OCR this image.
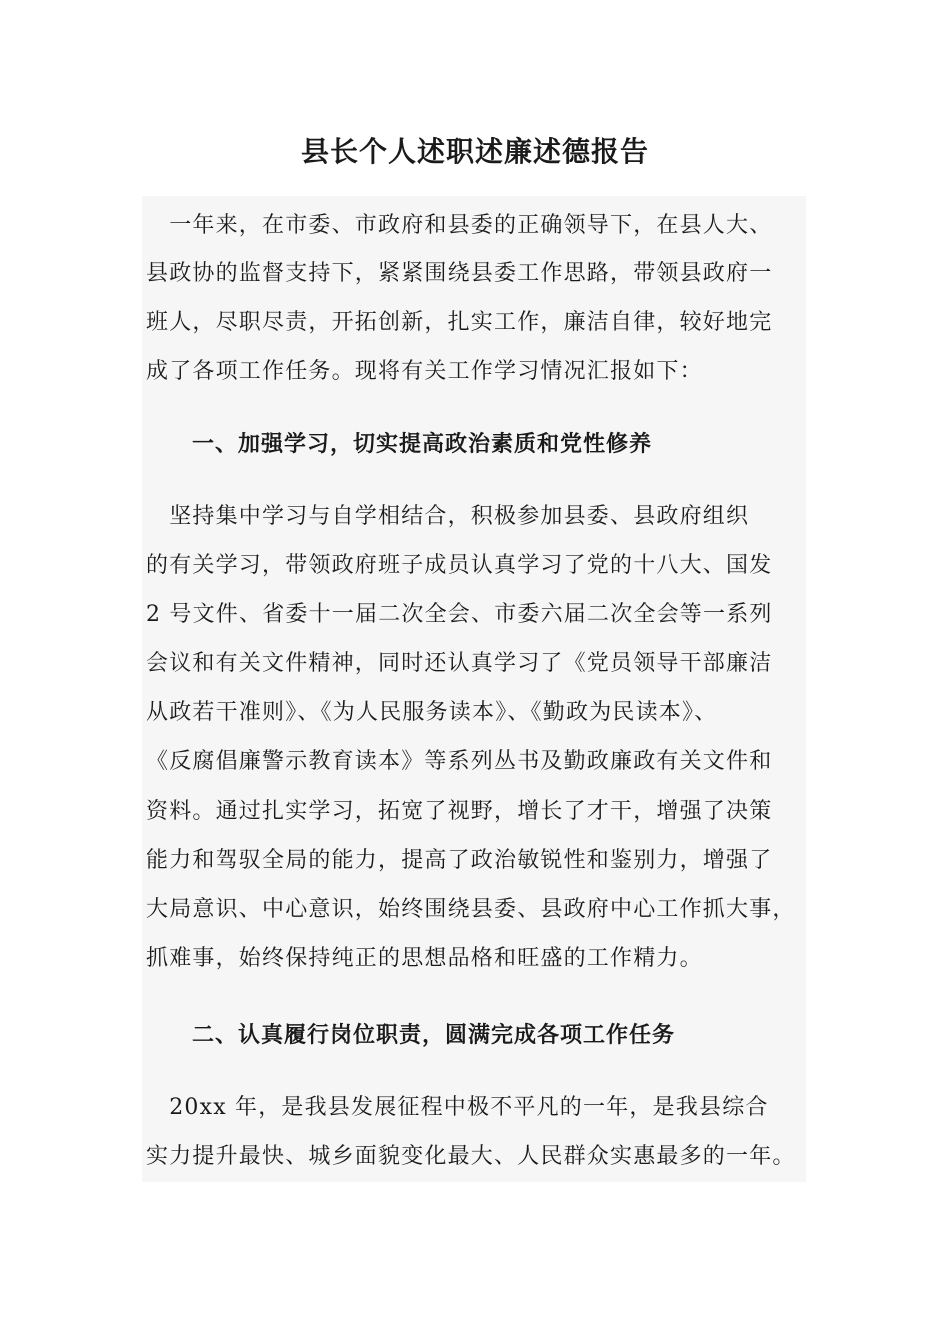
县长个人述职述廉述德报告
　一年来，在市委、市政府和县委的正确领导下，在县人大、
县政协的监督支持下，紧紧围绕县委工作思路，带领县政府一
班人，尽职尽责，开拓创新，扎实工作，廉洁自律，较好地完
成了各项工作任务。现将有关工作学习情况汇报如下：
一、加强学习，切实提高政治素质和党性修养
　坚持集中学习与自学相结合，积极参加县委、县政府组织
的有关学习，带领政府班子成员认真学习了党的十八大、国发
2 号文件、省委十一届二次全会、市委六届二次全会等一系列
会议和有关文件精神，同时还认真学习了《党员领导干部廉洁
从政若干准则》、《为人民服务读本》、《勤政为民读本》、
《反腐倡廉警示教育读本》等系列丛书及勤政廉政有关文件和
资料。通过扎实学习，拓宽了视野，增长了才干，增强了决策
能力和驾驭全局的能力，提高了政治敏锐性和鉴别力，增强了
大局意识、中心意识，始终围绕县委、县政府中心工作抓大事，
抓难事，始终保持纯正的思想品格和旺盛的工作精力。
二、认真履行岗位职责，圆满完成各项工作任务
　20xx 年，是我县发展征程中极不平凡的一年，是我县综合
实力提升最快、城乡面貌变化最大、人民群众实惠最多的一年。
